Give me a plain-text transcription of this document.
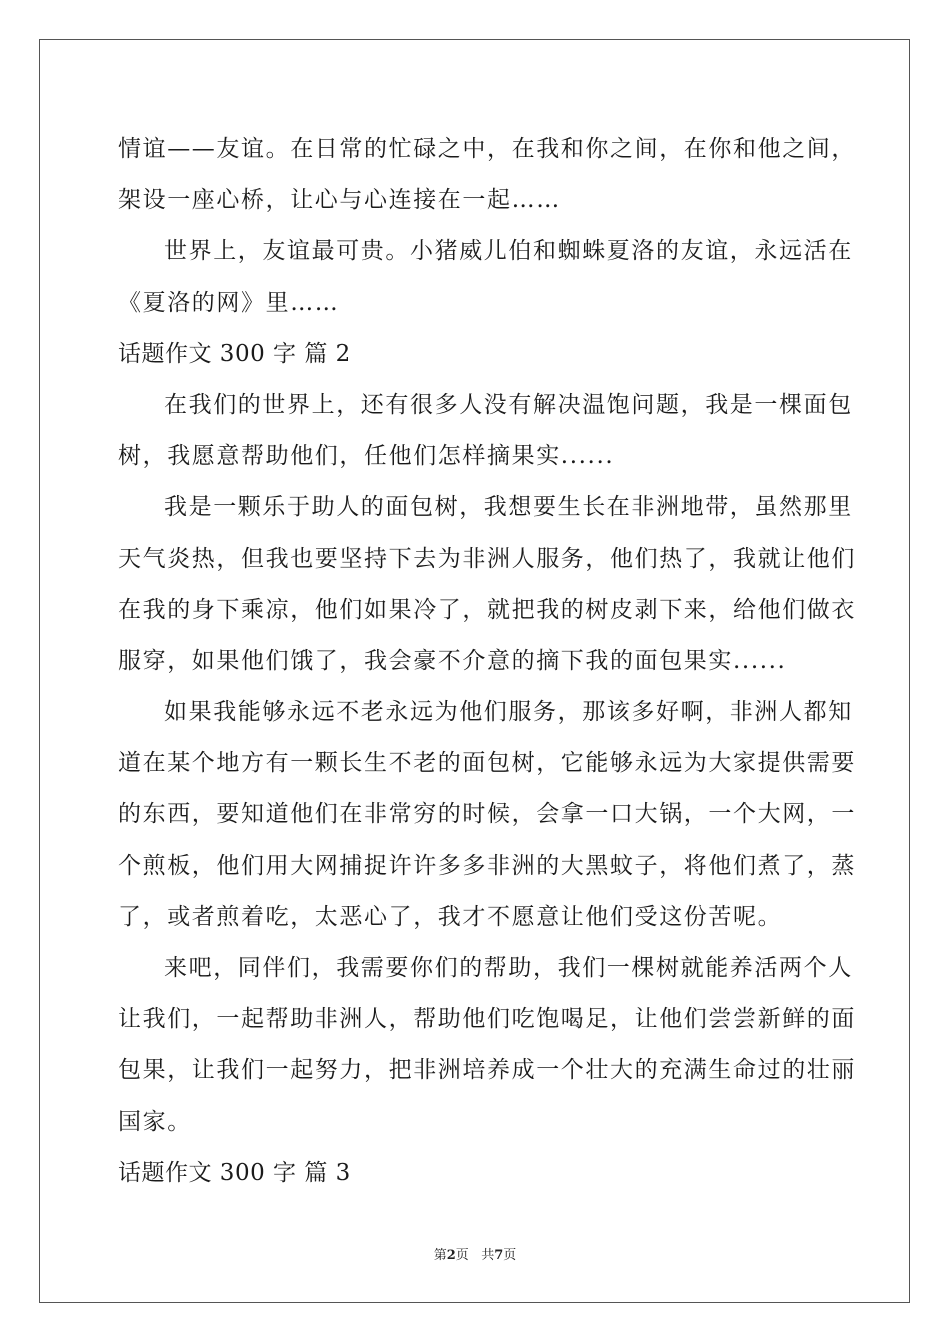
情谊——友谊。在日常的忙碌之中，在我和你之间，在你和他之间，
架设一座心桥，让心与心连接在一起……
世界上，友谊最可贵。小猪威儿伯和蜘蛛夏洛的友谊，永远活在
《夏洛的网》里……
话题作文 300 字 篇 2
在我们的世界上，还有很多人没有解决温饱问题，我是一棵面包
树，我愿意帮助他们，任他们怎样摘果实......
我是一颗乐于助人的面包树，我想要生长在非洲地带，虽然那里
天气炎热，但我也要坚持下去为非洲人服务，他们热了，我就让他们
在我的身下乘凉，他们如果冷了，就把我的树皮剥下来，给他们做衣
服穿，如果他们饿了，我会豪不介意的摘下我的面包果实......
如果我能够永远不老永远为他们服务，那该多好啊，非洲人都知
道在某个地方有一颗长生不老的面包树，它能够永远为大家提供需要
的东西，要知道他们在非常穷的时候，会拿一口大锅，一个大网，一
个煎板，他们用大网捕捉许许多多非洲的大黑蚊子，将他们煮了，蒸
了，或者煎着吃，太恶心了，我才不愿意让他们受这份苦呢。
来吧，同伴们，我需要你们的帮助，我们一棵树就能养活两个人
让我们，一起帮助非洲人，帮助他们吃饱喝足，让他们尝尝新鲜的面
包果，让我们一起努力，把非洲培养成一个壮大的充满生命过的壮丽
国家。
话题作文 300 字 篇 3
第2页 共7页
